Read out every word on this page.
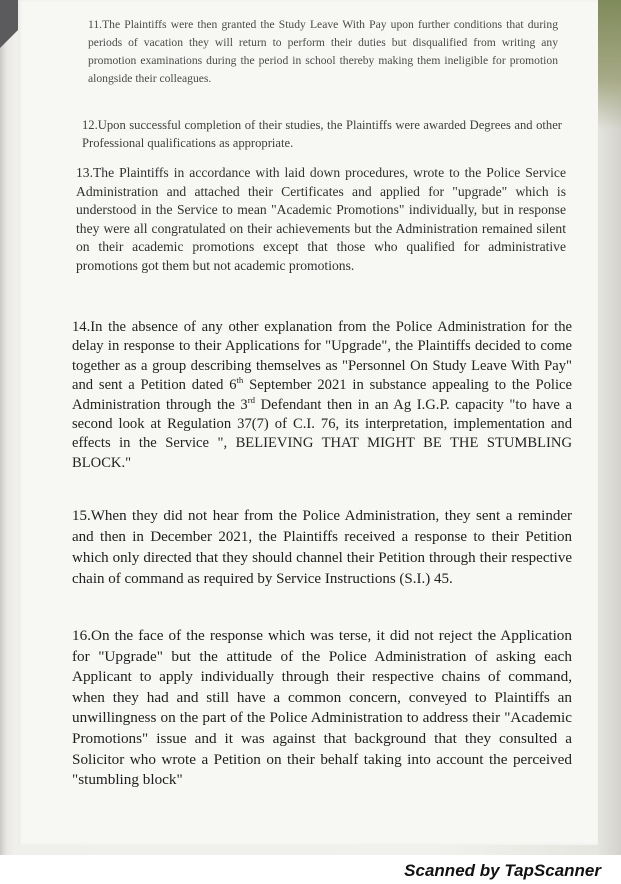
11.The Plaintiffs were then granted the Study Leave With Pay upon further conditions that during periods of vacation they will return to perform their duties but disqualified from writing any promotion examinations during the period in school thereby making them ineligible for promotion alongside their colleagues.

12.Upon successful completion of their studies, the Plaintiffs were awarded Degrees and other Professional qualifications as appropriate.

13.The Plaintiffs in accordance with laid down procedures, wrote to the Police Service Administration and attached their Certificates and applied for "upgrade" which is understood in the Service to mean "Academic Promotions" individually, but in response they were all congratulated on their achievements but the Administration remained silent on their academic promotions except that those who qualified for administrative promotions got them but not academic promotions.

14.In the absence of any other explanation from the Police Administration for the delay in response to their Applications for "Upgrade", the Plaintiffs decided to come together as a group describing themselves as "Personnel On Study Leave With Pay" and sent a Petition dated 6th September 2021 in substance appealing to the Police Administration through the 3rd Defendant then in an Ag I.G.P. capacity "to have a second look at Regulation 37(7) of C.I. 76, its interpretation, implementation and effects in the Service ", BELIEVING THAT MIGHT BE THE STUMBLING BLOCK."

15.When they did not hear from the Police Administration, they sent a reminder and then in December 2021, the Plaintiffs received a response to their Petition which only directed that they should channel their Petition through their respective chain of command as required by Service Instructions (S.I.) 45.

16.On the face of the response which was terse, it did not reject the Application for "Upgrade" but the attitude of the Police Administration of asking each Applicant to apply individually through their respective chains of command, when they had and still have a common concern, conveyed to Plaintiffs an unwillingness on the part of the Police Administration to address their "Academic Promotions" issue and it was against that background that they consulted a Solicitor who wrote a Petition on their behalf taking into account the perceived "stumbling block"

Scanned by TapScanner
